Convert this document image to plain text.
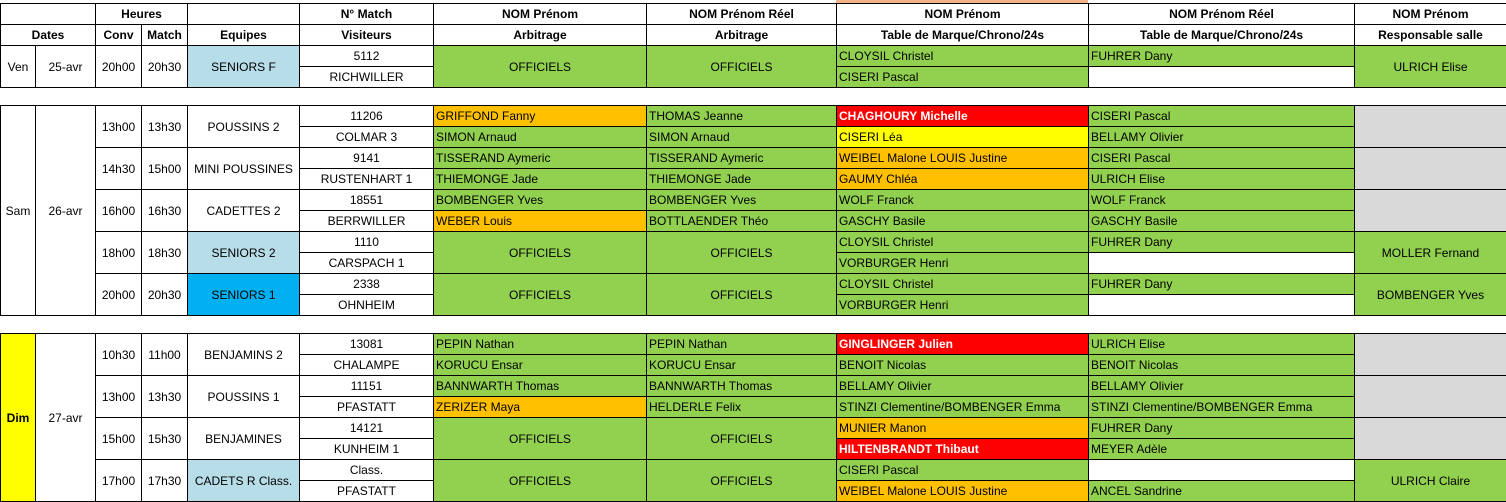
		Heures			N° Match	NOM Prénom	NOM Prénom Réel	NOM Prénom	NOM Prénom Réel	NOM Prénom
Dates		Conv	Match	Equipes	Visiteurs	Arbitrage	Arbitrage	Table de Marque/Chrono/24s	Table de Marque/Chrono/24s	Responsable salle
Ven	25-avr	20h00	20h30	SENIORS F	5112	OFFICIELS	OFFICIELS	CLOYSIL Christel	FUHRER Dany	ULRICH Elise
					RICHWILLER			CISERI Pascal		

Sam	26-avr	13h00	13h30	POUSSINS 2	11206	GRIFFOND Fanny	THOMAS Jeanne	CHAGHOURY Michelle	CISERI Pascal	
					COLMAR 3	SIMON Arnaud	SIMON Arnaud	CISERI Léa	BELLAMY Olivier	
		14h30	15h00	MINI POUSSINES	9141	TISSERAND Aymeric	TISSERAND Aymeric	WEIBEL Malone LOUIS Justine	CISERI Pascal	
					RUSTENHART 1	THIEMONGE Jade	THIEMONGE Jade	GAUMY Chléa	ULRICH Elise	
		16h00	16h30	CADETTES 2	18551	BOMBENGER Yves	BOMBENGER Yves	WOLF Franck	WOLF Franck	
					BERRWILLER	WEBER Louis	BOTTLAENDER Théo	GASCHY Basile	GASCHY Basile	
		18h00	18h30	SENIORS 2	1110	OFFICIELS	OFFICIELS	CLOYSIL Christel	FUHRER Dany	MOLLER Fernand
					CARSPACH 1			VORBURGER Henri		
		20h00	20h30	SENIORS 1	2338	OFFICIELS	OFFICIELS	CLOYSIL Christel	FUHRER Dany	BOMBENGER Yves
					OHNHEIM			VORBURGER Henri		

Dim	27-avr	10h30	11h00	BENJAMINS 2	13081	PEPIN Nathan	PEPIN Nathan	GINGLINGER Julien	ULRICH Elise	
					CHALAMPE	KORUCU Ensar	KORUCU Ensar	BENOIT Nicolas	BENOIT Nicolas	
		13h00	13h30	POUSSINS 1	11151	BANNWARTH Thomas	BANNWARTH Thomas	BELLAMY Olivier	BELLAMY Olivier	
					PFASTATT	ZERIZER Maya	HELDERLE Felix	STINZI Clementine/BOMBENGER Emma	STINZI Clementine/BOMBENGER Emma	
		15h00	15h30	BENJAMINES	14121	OFFICIELS	OFFICIELS	MUNIER Manon	FUHRER Dany	
					KUNHEIM 1			HILTENBRANDT Thibaut	MEYER Adèle	
		17h00	17h30	CADETS R Class.	Class.	OFFICIELS	OFFICIELS	CISERI Pascal		ULRICH Claire
					PFASTATT			WEIBEL Malone LOUIS Justine	ANCEL Sandrine	
